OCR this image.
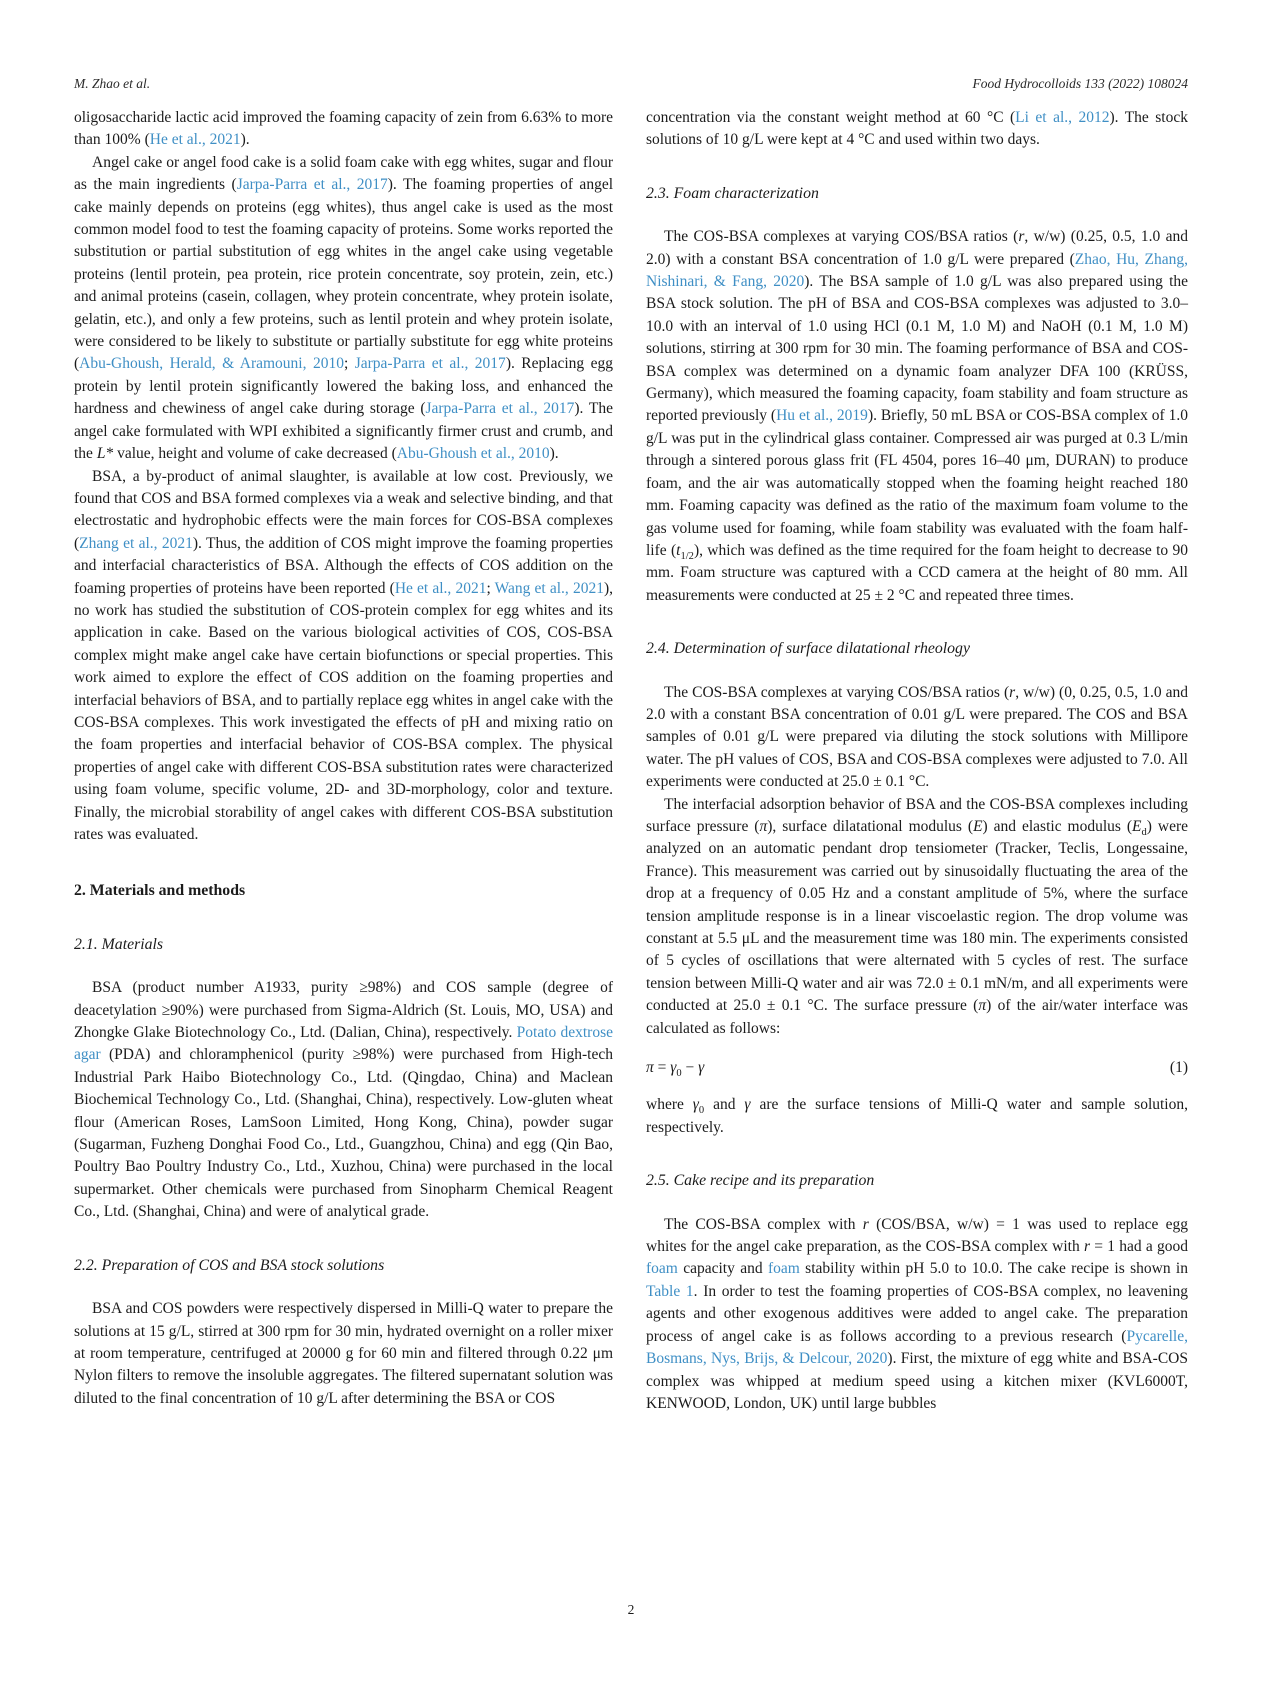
M. Zhao et al.	Food Hydrocolloids 133 (2022) 108024

oligosaccharide lactic acid improved the foaming capacity of zein from 6.63% to more than 100% (He et al., 2021).

Angel cake or angel food cake is a solid foam cake with egg whites, sugar and flour as the main ingredients (Jarpa-Parra et al., 2017). The foaming properties of angel cake mainly depends on proteins (egg whites), thus angel cake is used as the most common model food to test the foaming capacity of proteins. Some works reported the substitution or partial substitution of egg whites in the angel cake using vegetable proteins (lentil protein, pea protein, rice protein concentrate, soy protein, zein, etc.) and animal proteins (casein, collagen, whey protein concentrate, whey protein isolate, gelatin, etc.), and only a few proteins, such as lentil protein and whey protein isolate, were considered to be likely to substitute or partially substitute for egg white proteins (Abu-Ghoush, Herald, & Aramouni, 2010; Jarpa-Parra et al., 2017). Replacing egg protein by lentil protein significantly lowered the baking loss, and enhanced the hardness and chewiness of angel cake during storage (Jarpa-Parra et al., 2017). The angel cake formulated with WPI exhibited a significantly firmer crust and crumb, and the L* value, height and volume of cake decreased (Abu-Ghoush et al., 2010).

BSA, a by-product of animal slaughter, is available at low cost. Previously, we found that COS and BSA formed complexes via a weak and selective binding, and that electrostatic and hydrophobic effects were the main forces for COS-BSA complexes (Zhang et al., 2021). Thus, the addition of COS might improve the foaming properties and interfacial characteristics of BSA. Although the effects of COS addition on the foaming properties of proteins have been reported (He et al., 2021; Wang et al., 2021), no work has studied the substitution of COS-protein complex for egg whites and its application in cake. Based on the various biological activities of COS, COS-BSA complex might make angel cake have certain biofunctions or special properties. This work aimed to explore the effect of COS addition on the foaming properties and interfacial behaviors of BSA, and to partially replace egg whites in angel cake with the COS-BSA complexes. This work investigated the effects of pH and mixing ratio on the foam properties and interfacial behavior of COS-BSA complex. The physical properties of angel cake with different COS-BSA substitution rates were characterized using foam volume, specific volume, 2D- and 3D-morphology, color and texture. Finally, the microbial storability of angel cakes with different COS-BSA substitution rates was evaluated.

2. Materials and methods
2.1. Materials

BSA (product number A1933, purity ≥98%) and COS sample (degree of deacetylation ≥90%) were purchased from Sigma-Aldrich (St. Louis, MO, USA) and Zhongke Glake Biotechnology Co., Ltd. (Dalian, China), respectively. Potato dextrose agar (PDA) and chloramphenicol (purity ≥98%) were purchased from High-tech Industrial Park Haibo Biotechnology Co., Ltd. (Qingdao, China) and Maclean Biochemical Technology Co., Ltd. (Shanghai, China), respectively. Low-gluten wheat flour (American Roses, LamSoon Limited, Hong Kong, China), powder sugar (Sugarman, Fuzheng Donghai Food Co., Ltd., Guangzhou, China) and egg (Qin Bao, Poultry Bao Poultry Industry Co., Ltd., Xuzhou, China) were purchased in the local supermarket. Other chemicals were purchased from Sinopharm Chemical Reagent Co., Ltd. (Shanghai, China) and were of analytical grade.

2.2. Preparation of COS and BSA stock solutions

BSA and COS powders were respectively dispersed in Milli-Q water to prepare the solutions at 15 g/L, stirred at 300 rpm for 30 min, hydrated overnight on a roller mixer at room temperature, centrifuged at 20000 g for 60 min and filtered through 0.22 μm Nylon filters to remove the insoluble aggregates. The filtered supernatant solution was diluted to the final concentration of 10 g/L after determining the BSA or COS

concentration via the constant weight method at 60 °C (Li et al., 2012). The stock solutions of 10 g/L were kept at 4 °C and used within two days.

2.3. Foam characterization

The COS-BSA complexes at varying COS/BSA ratios (r, w/w) (0.25, 0.5, 1.0 and 2.0) with a constant BSA concentration of 1.0 g/L were prepared (Zhao, Hu, Zhang, Nishinari, & Fang, 2020). The BSA sample of 1.0 g/L was also prepared using the BSA stock solution. The pH of BSA and COS-BSA complexes was adjusted to 3.0–10.0 with an interval of 1.0 using HCl (0.1 M, 1.0 M) and NaOH (0.1 M, 1.0 M) solutions, stirring at 300 rpm for 30 min. The foaming performance of BSA and COS-BSA complex was determined on a dynamic foam analyzer DFA 100 (KRÜSS, Germany), which measured the foaming capacity, foam stability and foam structure as reported previously (Hu et al., 2019). Briefly, 50 mL BSA or COS-BSA complex of 1.0 g/L was put in the cylindrical glass container. Compressed air was purged at 0.3 L/min through a sintered porous glass frit (FL 4504, pores 16–40 μm, DURAN) to produce foam, and the air was automatically stopped when the foaming height reached 180 mm. Foaming capacity was defined as the ratio of the maximum foam volume to the gas volume used for foaming, while foam stability was evaluated with the foam half-life $(t_{1/2})$, which was defined as the time required for the foam height to decrease to 90 mm. Foam structure was captured with a CCD camera at the height of 80 mm. All measurements were conducted at 25 ± 2 °C and repeated three times.

2.4. Determination of surface dilatational rheology

The COS-BSA complexes at varying COS/BSA ratios (r, w/w) (0, 0.25, 0.5, 1.0 and 2.0 with a constant BSA concentration of 0.01 g/L were prepared. The COS and BSA samples of 0.01 g/L were prepared via diluting the stock solutions with Millipore water. The pH values of COS, BSA and COS-BSA complexes were adjusted to 7.0. All experiments were conducted at 25.0 ± 0.1 °C.

The interfacial adsorption behavior of BSA and the COS-BSA complexes including surface pressure (π), surface dilatational modulus (E) and elastic modulus $(E_d)$ were analyzed on an automatic pendant drop tensiometer (Tracker, Teclis, Longessaine, France). This measurement was carried out by sinusoidally fluctuating the area of the drop at a frequency of 0.05 Hz and a constant amplitude of 5%, where the surface tension amplitude response is in a linear viscoelastic region. The drop volume was constant at 5.5 μL and the measurement time was 180 min. The experiments consisted of 5 cycles of oscillations that were alternated with 5 cycles of rest. The surface tension between Milli-Q water and air was 72.0 ± 0.1 mN/m, and all experiments were conducted at 25.0 ± 0.1 °C. The surface pressure (π) of the air/water interface was calculated as follows:

$\pi = \gamma_0 - \gamma$	(1)

where $\gamma_0$ and γ are the surface tensions of Milli-Q water and sample solution, respectively.

2.5. Cake recipe and its preparation

The COS-BSA complex with r (COS/BSA, w/w) = 1 was used to replace egg whites for the angel cake preparation, as the COS-BSA complex with r = 1 had a good foam capacity and foam stability within pH 5.0 to 10.0. The cake recipe is shown in Table 1. In order to test the foaming properties of COS-BSA complex, no leavening agents and other exogenous additives were added to angel cake. The preparation process of angel cake is as follows according to a previous research (Pycarelle, Bosmans, Nys, Brijs, & Delcour, 2020). First, the mixture of egg white and BSA-COS complex was whipped at medium speed using a kitchen mixer (KVL6000T, KENWOOD, London, UK) until large bubbles

2
